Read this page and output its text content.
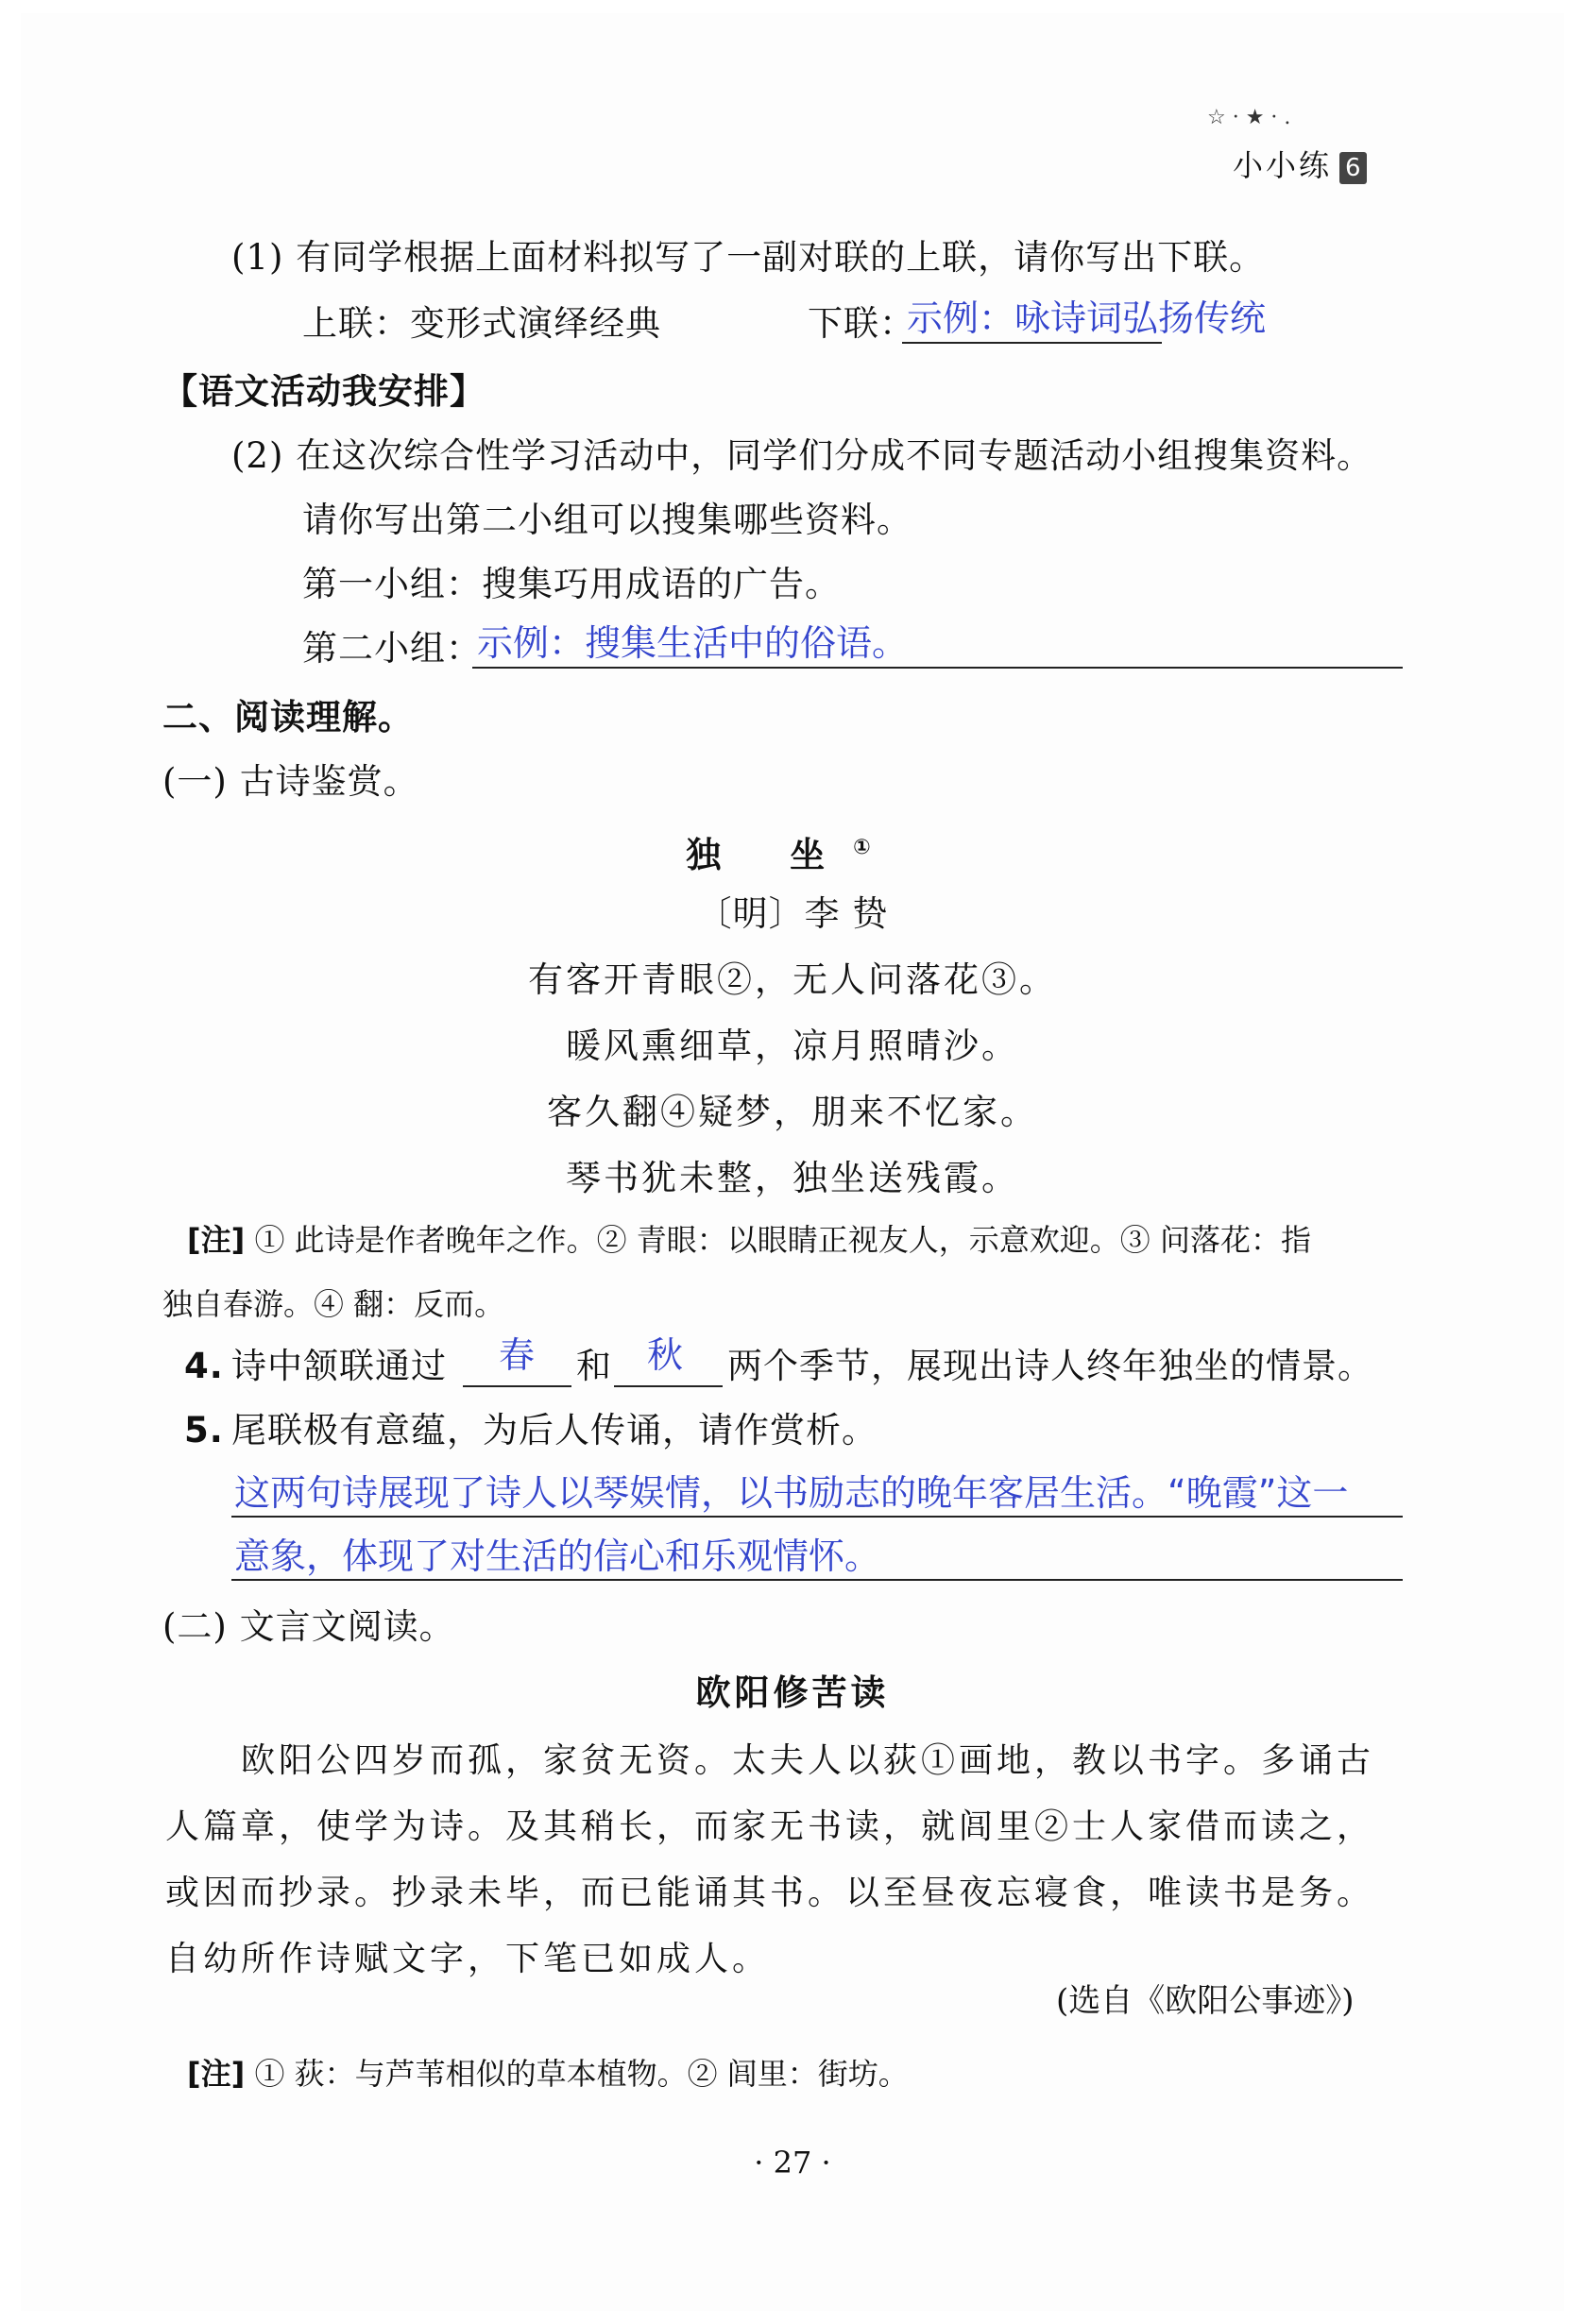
☆ · ★ · .
小小练 6
(1) 有同学根据上面材料拟写了一副对联的上联，请你写出下联。
上联：变形式演绎经典	下联：
示例：咏诗词弘扬传统
【语文活动我安排】
(2) 在这次综合性学习活动中，同学们分成不同专题活动小组搜集资料。
请你写出第二小组可以搜集哪些资料。
第一小组：搜集巧用成语的广告。
第二小组：
示例：搜集生活中的俗语。
二、阅读理解。
(一) 古诗鉴赏。
独 坐①
〔明〕李 贽
有客开青眼②，无人问落花③。
暖风熏细草，凉月照晴沙。
客久翻④疑梦，朋来不忆家。
琴书犹未整，独坐送残霞。
[注] ① 此诗是作者晚年之作。② 青眼：以眼睛正视友人，示意欢迎。③ 问落花：指
独自春游。④ 翻：反而。
4. 诗中颔联通过 春 和 秋 两个季节，展现出诗人终年独坐的情景。
5. 尾联极有意蕴，为后人传诵，请作赏析。
这两句诗展现了诗人以琴娱情，以书励志的晚年客居生活。“晚霞”这一
意象，体现了对生活的信心和乐观情怀。
(二) 文言文阅读。
欧阳修苦读
欧阳公四岁而孤，家贫无资。太夫人以荻①画地，教以书字。多诵古人篇章，使学为诗。及其稍长，而家无书读，就闾里②士人家借而读之，或因而抄录。抄录未毕，而已能诵其书。以至昼夜忘寝食，唯读书是务。自幼所作诗赋文字，下笔已如成人。
(选自《欧阳公事迹》)
[注] ① 荻：与芦苇相似的草本植物。② 闾里：街坊。
· 27 ·
